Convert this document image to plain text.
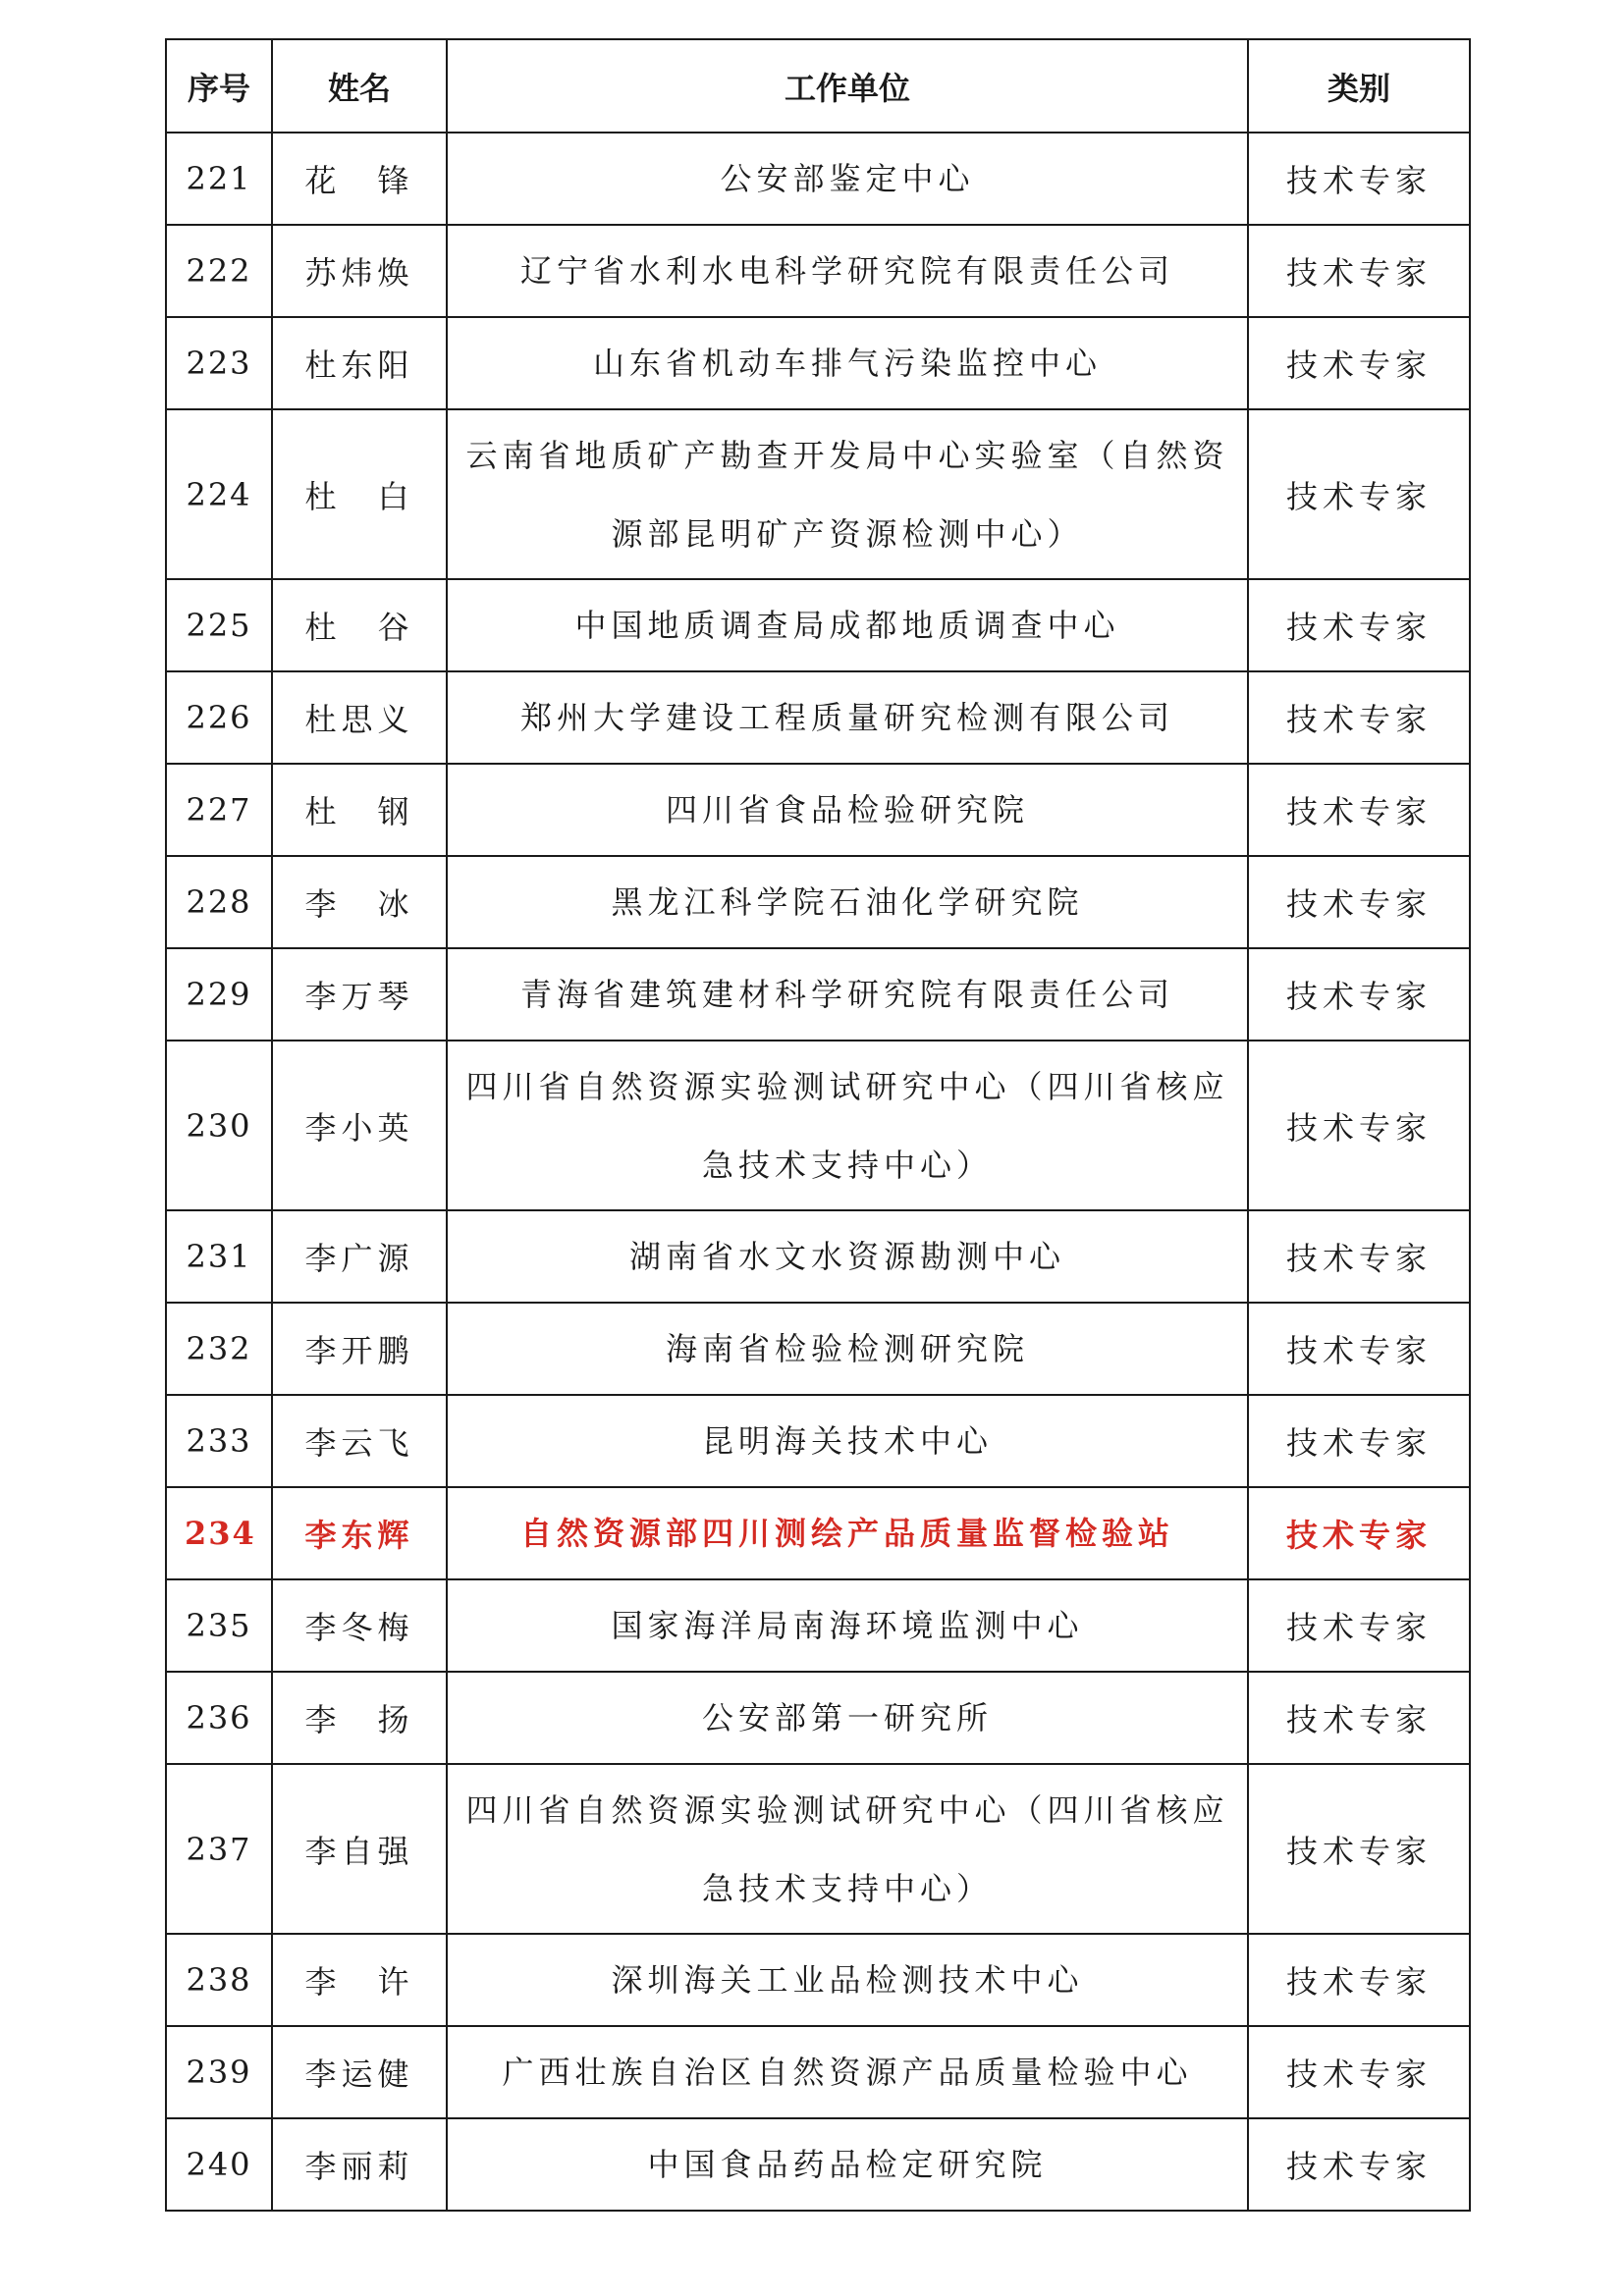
序号	姓名	工作单位	类别
221	花　锋	公安部鉴定中心	技术专家
222	苏炜焕	辽宁省水利水电科学研究院有限责任公司	技术专家
223	杜东阳	山东省机动车排气污染监控中心	技术专家
224	杜　白	云南省地质矿产勘查开发局中心实验室（自然资源部昆明矿产资源检测中心）	技术专家
225	杜　谷	中国地质调查局成都地质调查中心	技术专家
226	杜思义	郑州大学建设工程质量研究检测有限公司	技术专家
227	杜　钢	四川省食品检验研究院	技术专家
228	李　冰	黑龙江科学院石油化学研究院	技术专家
229	李万琴	青海省建筑建材科学研究院有限责任公司	技术专家
230	李小英	四川省自然资源实验测试研究中心（四川省核应急技术支持中心）	技术专家
231	李广源	湖南省水文水资源勘测中心	技术专家
232	李开鹏	海南省检验检测研究院	技术专家
233	李云飞	昆明海关技术中心	技术专家
234	李东辉	自然资源部四川测绘产品质量监督检验站	技术专家
235	李冬梅	国家海洋局南海环境监测中心	技术专家
236	李　扬	公安部第一研究所	技术专家
237	李自强	四川省自然资源实验测试研究中心（四川省核应急技术支持中心）	技术专家
238	李　许	深圳海关工业品检测技术中心	技术专家
239	李运健	广西壮族自治区自然资源产品质量检验中心	技术专家
240	李丽莉	中国食品药品检定研究院	技术专家
